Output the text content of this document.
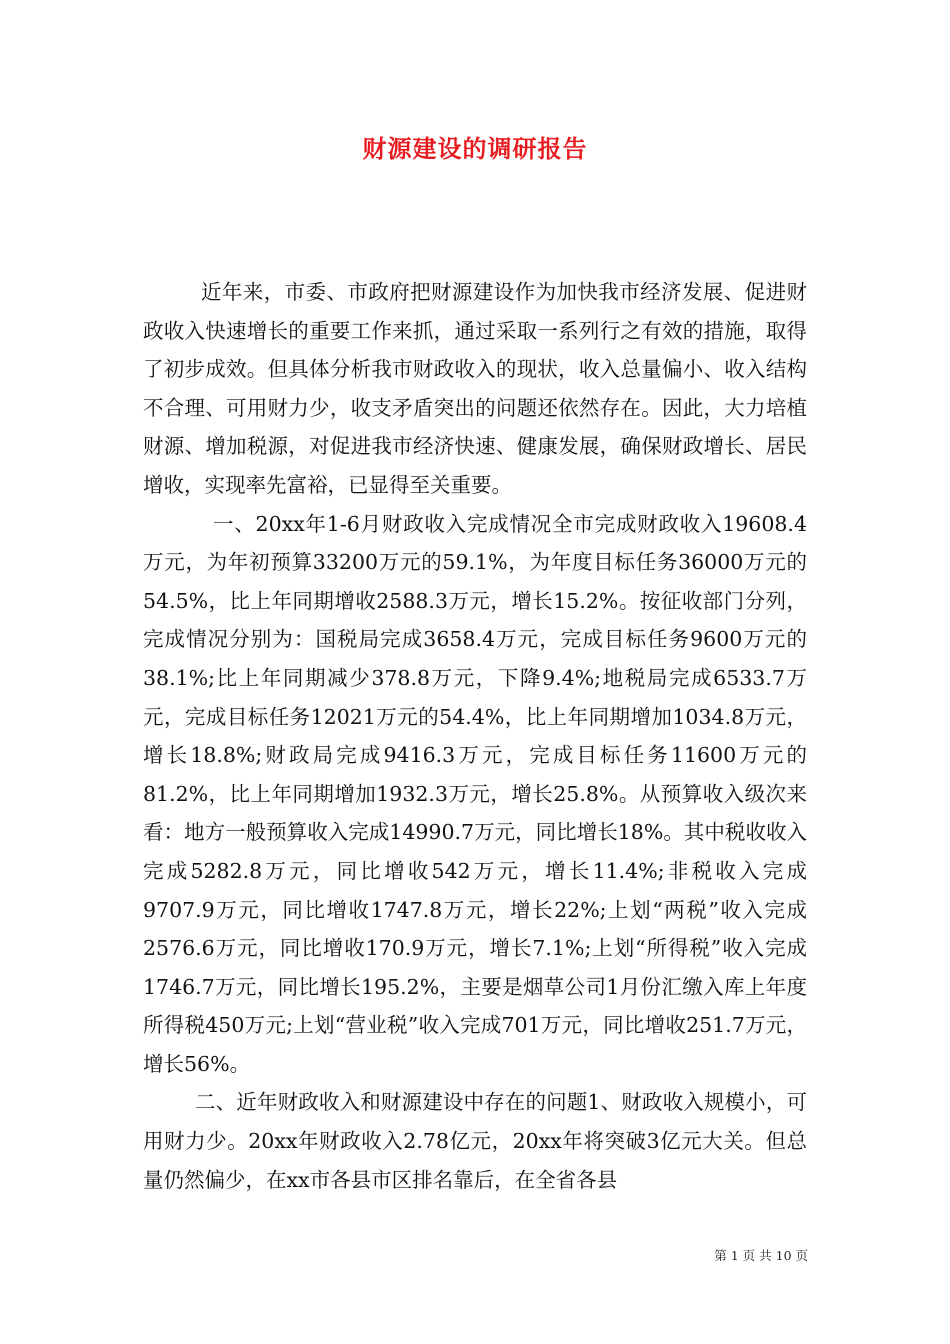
财源建设的调研报告

近年来，市委、市政府把财源建设作为加快我市经济发展、促进财政收入快速增长的重要工作来抓，通过采取一系列行之有效的措施，取得了初步成效。但具体分析我市财政收入的现状，收入总量偏小、收入结构不合理、可用财力少，收支矛盾突出的问题还依然存在。因此，大力培植财源、增加税源，对促进我市经济快速、健康发展，确保财政增长、居民增收，实现率先富裕，已显得至关重要。

一、20xx年1-6月财政收入完成情况全市完成财政收入19608.4万元，为年初预算33200万元的59.1%，为年度目标任务36000万元的54.5%，比上年同期增收2588.3万元，增长15.2%。按征收部门分列，完成情况分别为：国税局完成3658.4万元，完成目标任务9600万元的38.1%;比上年同期减少378.8万元，下降9.4%;地税局完成6533.7万元，完成目标任务12021万元的54.4%，比上年同期增加1034.8万元，增长18.8%;财政局完成9416.3万元，完成目标任务11600万元的81.2%，比上年同期增加1932.3万元，增长25.8%。从预算收入级次来看：地方一般预算收入完成14990.7万元，同比增长18%。其中税收收入完成5282.8万元，同比增收542万元，增长11.4%;非税收入完成9707.9万元，同比增收1747.8万元，增长22%;上划“两税”收入完成2576.6万元，同比增收170.9万元，增长7.1%;上划“所得税”收入完成1746.7万元，同比增长195.2%，主要是烟草公司1月份汇缴入库上年度所得税450万元;上划“营业税”收入完成701万元，同比增收251.7万元，增长56%。

二、近年财政收入和财源建设中存在的问题1、财政收入规模小，可用财力少。20xx年财政收入2.78亿元，20xx年将突破3亿元大关。但总量仍然偏少，在xx市各县市区排名靠后，在全省各县

第 1 页 共 10 页
